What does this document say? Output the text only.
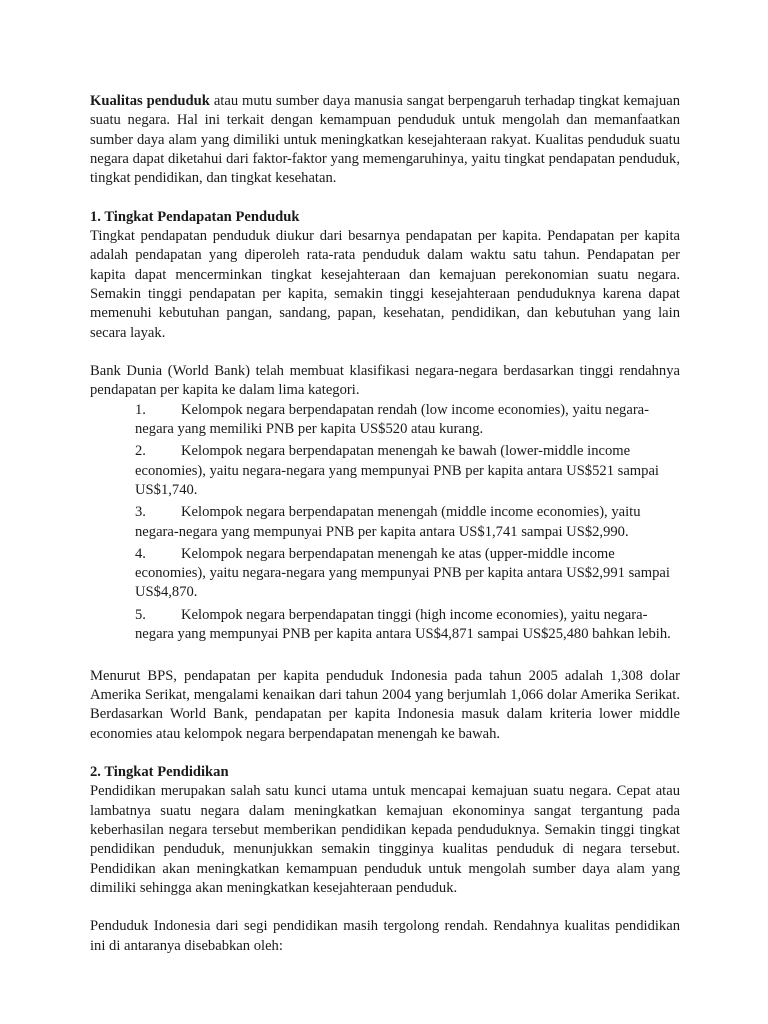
Kualitas penduduk atau mutu sumber daya manusia sangat berpengaruh terhadap tingkat kemajuan suatu negara. Hal ini terkait dengan kemampuan penduduk untuk mengolah dan memanfaatkan sumber daya alam yang dimiliki untuk meningkatkan kesejahteraan rakyat. Kualitas penduduk suatu negara dapat diketahui dari faktor-faktor yang memengaruhinya, yaitu tingkat pendapatan penduduk, tingkat pendidikan, dan tingkat kesehatan.

1. Tingkat Pendapatan Penduduk

Tingkat pendapatan penduduk diukur dari besarnya pendapatan per kapita. Pendapatan per kapita adalah pendapatan yang diperoleh rata-rata penduduk dalam waktu satu tahun. Pendapatan per kapita dapat mencerminkan tingkat kesejahteraan dan kemajuan perekonomian suatu negara. Semakin tinggi pendapatan per kapita, semakin tinggi kesejahteraan penduduknya karena dapat memenuhi kebutuhan pangan, sandang, papan, kesehatan, pendidikan, dan kebutuhan yang lain secara layak.

Bank Dunia (World Bank) telah membuat klasifikasi negara-negara berdasarkan tinggi rendahnya pendapatan per kapita ke dalam lima kategori.

1. Kelompok negara berpendapatan rendah (low income economies), yaitu negara-negara yang memiliki PNB per kapita US$520 atau kurang.
2. Kelompok negara berpendapatan menengah ke bawah (lower-middle income economies), yaitu negara-negara yang mempunyai PNB per kapita antara US$521 sampai US$1,740.
3. Kelompok negara berpendapatan menengah (middle income economies), yaitu negara-negara yang mempunyai PNB per kapita antara US$1,741 sampai US$2,990.
4. Kelompok negara berpendapatan menengah ke atas (upper-middle income economies), yaitu negara-negara yang mempunyai PNB per kapita antara US$2,991 sampai US$4,870.
5. Kelompok negara berpendapatan tinggi (high income economies), yaitu negara-negara yang mempunyai PNB per kapita antara US$4,871 sampai US$25,480 bahkan lebih.

Menurut BPS, pendapatan per kapita penduduk Indonesia pada tahun 2005 adalah 1,308 dolar Amerika Serikat, mengalami kenaikan dari tahun 2004 yang berjumlah 1,066 dolar Amerika Serikat. Berdasarkan World Bank, pendapatan per kapita Indonesia masuk dalam kriteria lower middle economies atau kelompok negara berpendapatan menengah ke bawah.

2. Tingkat Pendidikan

Pendidikan merupakan salah satu kunci utama untuk mencapai kemajuan suatu negara. Cepat atau lambatnya suatu negara dalam meningkatkan kemajuan ekonominya sangat tergantung pada keberhasilan negara tersebut memberikan pendidikan kepada penduduknya. Semakin tinggi tingkat pendidikan penduduk, menunjukkan semakin tingginya kualitas penduduk di negara tersebut. Pendidikan akan meningkatkan kemampuan penduduk untuk mengolah sumber daya alam yang dimiliki sehingga akan meningkatkan kesejahteraan penduduk.

Penduduk Indonesia dari segi pendidikan masih tergolong rendah. Rendahnya kualitas pendidikan ini di antaranya disebabkan oleh:
